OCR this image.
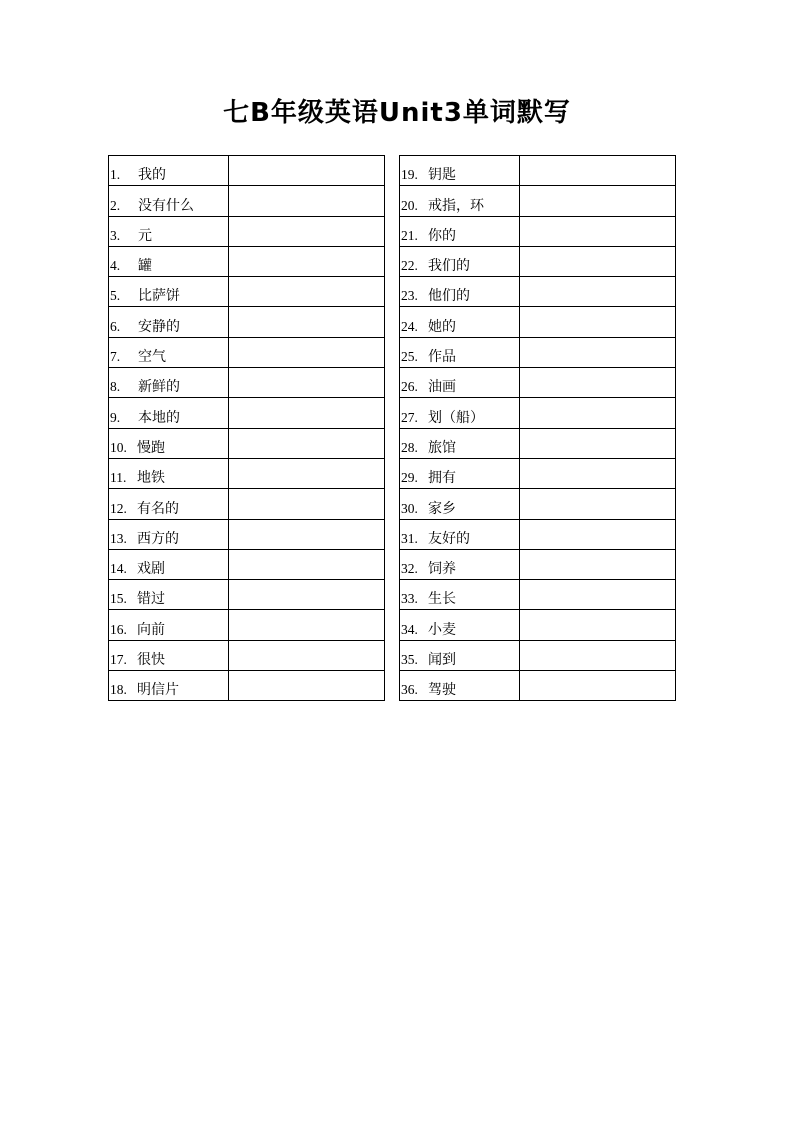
七B年级英语Unit3单词默写
1. 我的	
2. 没有什么	
3. 元	
4. 罐	
5. 比萨饼	
6. 安静的	
7. 空气	
8. 新鲜的	
9. 本地的	
10. 慢跑	
11. 地铁	
12. 有名的	
13. 西方的	
14. 戏剧	
15. 错过	
16. 向前	
17. 很快	
18. 明信片	
19. 钥匙	
20. 戒指，环	
21. 你的	
22. 我们的	
23. 他们的	
24. 她的	
25. 作品	
26. 油画	
27. 划（船）	
28. 旅馆	
29. 拥有	
30. 家乡	
31. 友好的	
32. 饲养	
33. 生长	
34. 小麦	
35. 闻到	
36. 驾驶	
